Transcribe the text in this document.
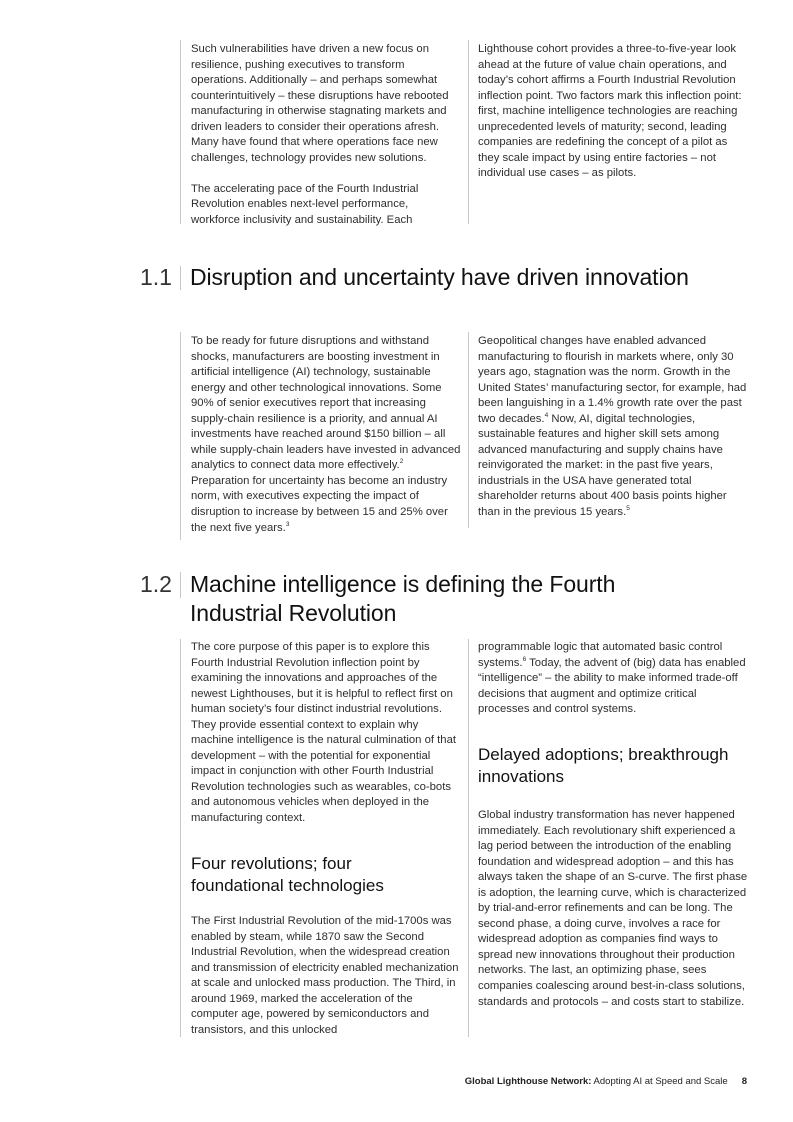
Such vulnerabilities have driven a new focus on resilience, pushing executives to transform operations. Additionally – and perhaps somewhat counterintuitively – these disruptions have rebooted manufacturing in otherwise stagnating markets and driven leaders to consider their operations afresh. Many have found that where operations face new challenges, technology provides new solutions.

The accelerating pace of the Fourth Industrial Revolution enables next-level performance, workforce inclusivity and sustainability. Each

Lighthouse cohort provides a three-to-five-year look ahead at the future of value chain operations, and today’s cohort affirms a Fourth Industrial Revolution inflection point. Two factors mark this inflection point: first, machine intelligence technologies are reaching unprecedented levels of maturity; second, leading companies are redefining the concept of a pilot as they scale impact by using entire factories – not individual use cases – as pilots.

1.1 Disruption and uncertainty have driven innovation

To be ready for future disruptions and withstand shocks, manufacturers are boosting investment in artificial intelligence (AI) technology, sustainable energy and other technological innovations. Some 90% of senior executives report that increasing supply-chain resilience is a priority, and annual AI investments have reached around $150 billion – all while supply-chain leaders have invested in advanced analytics to connect data more effectively.$^2$ Preparation for uncertainty has become an industry norm, with executives expecting the impact of disruption to increase by between 15 and 25% over the next five years.$^3$

Geopolitical changes have enabled advanced manufacturing to flourish in markets where, only 30 years ago, stagnation was the norm. Growth in the United States’ manufacturing sector, for example, had been languishing in a 1.4% growth rate over the past two decades.$^4$ Now, AI, digital technologies, sustainable features and higher skill sets among advanced manufacturing and supply chains have reinvigorated the market: in the past five years, industrials in the USA have generated total shareholder returns about 400 basis points higher than in the previous 15 years.$^5$

1.2 Machine intelligence is defining the Fourth Industrial Revolution

The core purpose of this paper is to explore this Fourth Industrial Revolution inflection point by examining the innovations and approaches of the newest Lighthouses, but it is helpful to reflect first on human society’s four distinct industrial revolutions. They provide essential context to explain why machine intelligence is the natural culmination of that development – with the potential for exponential impact in conjunction with other Fourth Industrial Revolution technologies such as wearables, co-bots and autonomous vehicles when deployed in the manufacturing context.

Four revolutions; four foundational technologies

The First Industrial Revolution of the mid-1700s was enabled by steam, while 1870 saw the Second Industrial Revolution, when the widespread creation and transmission of electricity enabled mechanization at scale and unlocked mass production. The Third, in around 1969, marked the acceleration of the computer age, powered by semiconductors and transistors, and this unlocked

programmable logic that automated basic control systems.$^6$ Today, the advent of (big) data has enabled “intelligence” – the ability to make informed trade-off decisions that augment and optimize critical processes and control systems.

Delayed adoptions; breakthrough innovations

Global industry transformation has never happened immediately. Each revolutionary shift experienced a lag period between the introduction of the enabling foundation and widespread adoption – and this has always taken the shape of an S-curve. The first phase is adoption, the learning curve, which is characterized by trial-and-error refinements and can be long. The second phase, a doing curve, involves a race for widespread adoption as companies find ways to spread new innovations throughout their production networks. The last, an optimizing phase, sees companies coalescing around best-in-class solutions, standards and protocols – and costs start to stabilize.

Global Lighthouse Network: Adopting AI at Speed and Scale 8
